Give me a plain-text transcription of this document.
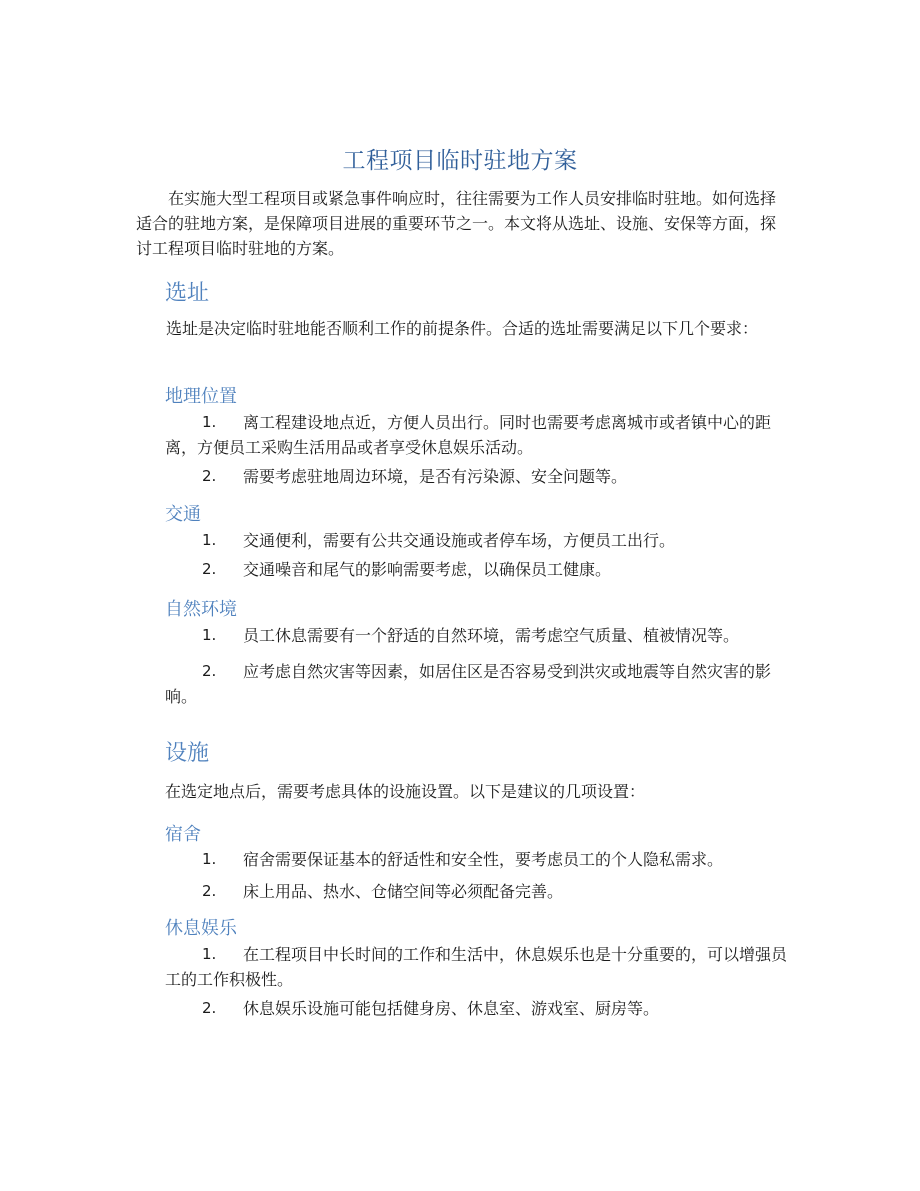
工程项目临时驻地方案

在实施大型工程项目或紧急事件响应时，往往需要为工作人员安排临时驻地。如何选择适合的驻地方案，是保障项目进展的重要环节之一。本文将从选址、设施、安保等方面，探讨工程项目临时驻地的方案。

选址

选址是决定临时驻地能否顺利工作的前提条件。合适的选址需要满足以下几个要求：

地理位置
1. 离工程建设地点近，方便人员出行。同时也需要考虑离城市或者镇中心的距离，方便员工采购生活用品或者享受休息娱乐活动。
2. 需要考虑驻地周边环境，是否有污染源、安全问题等。
交通
1. 交通便利，需要有公共交通设施或者停车场，方便员工出行。
2. 交通噪音和尾气的影响需要考虑，以确保员工健康。
自然环境
1. 员工休息需要有一个舒适的自然环境，需考虑空气质量、植被情况等。
2. 应考虑自然灾害等因素，如居住区是否容易受到洪灾或地震等自然灾害的影响。
设施

在选定地点后，需要考虑具体的设施设置。以下是建议的几项设置：

宿舍
1. 宿舍需要保证基本的舒适性和安全性，要考虑员工的个人隐私需求。
2. 床上用品、热水、仓储空间等必须配备完善。
休息娱乐
1. 在工程项目中长时间的工作和生活中，休息娱乐也是十分重要的，可以增强员工的工作积极性。
2. 休息娱乐设施可能包括健身房、休息室、游戏室、厨房等。
